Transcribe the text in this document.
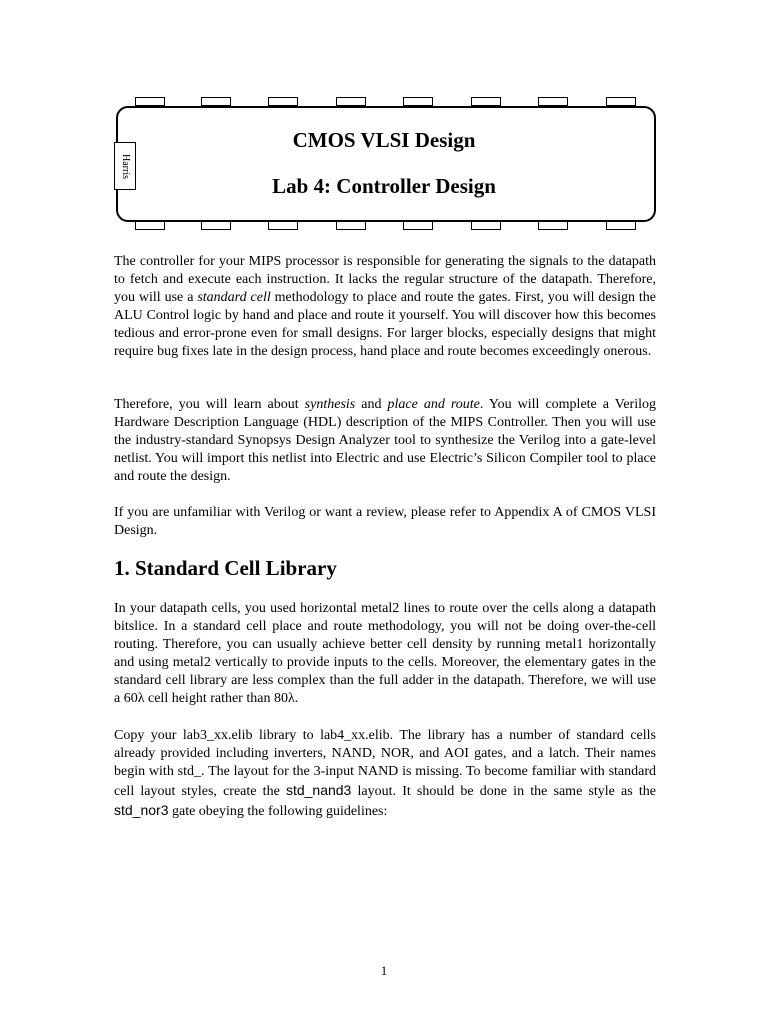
Harris
CMOS VLSI Design
Lab 4: Controller Design
The controller for your MIPS processor is responsible for generating the signals to the datapath to fetch and execute each instruction. It lacks the regular structure of the datapath. Therefore, you will use a standard cell methodology to place and route the gates. First, you will design the ALU Control logic by hand and place and route it yourself. You will discover how this becomes tedious and error-prone even for small designs. For larger blocks, especially designs that might require bug fixes late in the design process, hand place and route becomes exceedingly onerous.
Therefore, you will learn about synthesis and place and route. You will complete a Verilog Hardware Description Language (HDL) description of the MIPS Controller. Then you will use the industry-standard Synopsys Design Analyzer tool to synthesize the Verilog into a gate-level netlist. You will import this netlist into Electric and use Electric’s Silicon Compiler tool to place and route the design.
If you are unfamiliar with Verilog or want a review, please refer to Appendix A of CMOS VLSI Design.
1. Standard Cell Library
In your datapath cells, you used horizontal metal2 lines to route over the cells along a datapath bitslice. In a standard cell place and route methodology, you will not be doing over-the-cell routing. Therefore, you can usually achieve better cell density by running metal1 horizontally and using metal2 vertically to provide inputs to the cells. Moreover, the elementary gates in the standard cell library are less complex than the full adder in the datapath. Therefore, we will use a 60λ cell height rather than 80λ.
Copy your lab3_xx.elib library to lab4_xx.elib. The library has a number of standard cells already provided including inverters, NAND, NOR, and AOI gates, and a latch. Their names begin with std_. The layout for the 3-input NAND is missing. To become familiar with standard cell layout styles, create the std_nand3 layout. It should be done in the same style as the std_nor3 gate obeying the following guidelines:
1
